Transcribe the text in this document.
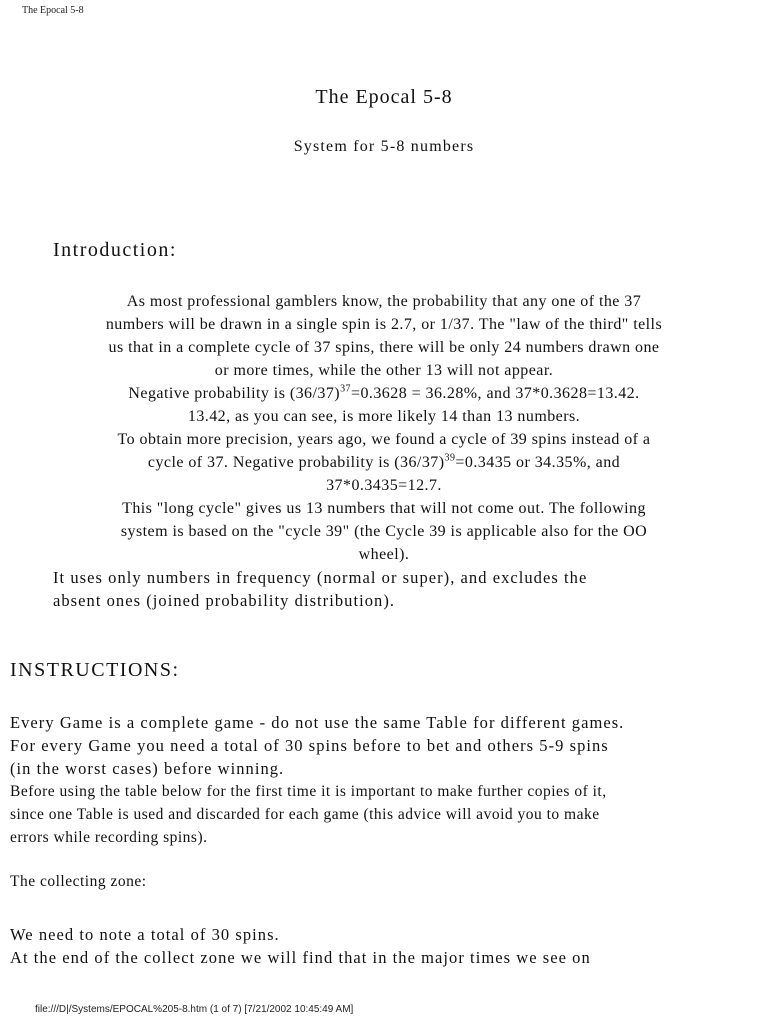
The Epocal 5-8
The Epocal 5-8
System for 5-8 numbers
Introduction:
As most professional gamblers know, the probability that any one of the 37
numbers will be drawn in a single spin is 2.7, or 1/37. The "law of the third" tells
us that in a complete cycle of 37 spins, there will be only 24 numbers drawn one
or more times, while the other 13 will not appear.
Negative probability is $(36/37)^{37}=0.3628 = 36.28\%$, and 37*0.3628=13.42.
13.42, as you can see, is more likely 14 than 13 numbers.
To obtain more precision, years ago, we found a cycle of 39 spins instead of a
cycle of 37. Negative probability is $(36/37)^{39}=0.3435$ or 34.35%, and
37*0.3435=12.7.
This "long cycle" gives us 13 numbers that will not come out. The following
system is based on the "cycle 39" (the Cycle 39 is applicable also for the OO
wheel).
It uses only numbers in frequency (normal or super), and excludes the
absent ones (joined probability distribution).
INSTRUCTIONS:
Every Game is a complete game - do not use the same Table for different games.
For every Game you need a total of 30 spins before to bet and others 5-9 spins
(in the worst cases) before winning.
Before using the table below for the first time it is important to make further copies of it,
since one Table is used and discarded for each game (this advice will avoid you to make
errors while recording spins).
The collecting zone:
We need to note a total of 30 spins.
At the end of the collect zone we will find that in the major times we see on
file:///D|/Systems/EPOCAL%205-8.htm (1 of 7) [7/21/2002 10:45:49 AM]
